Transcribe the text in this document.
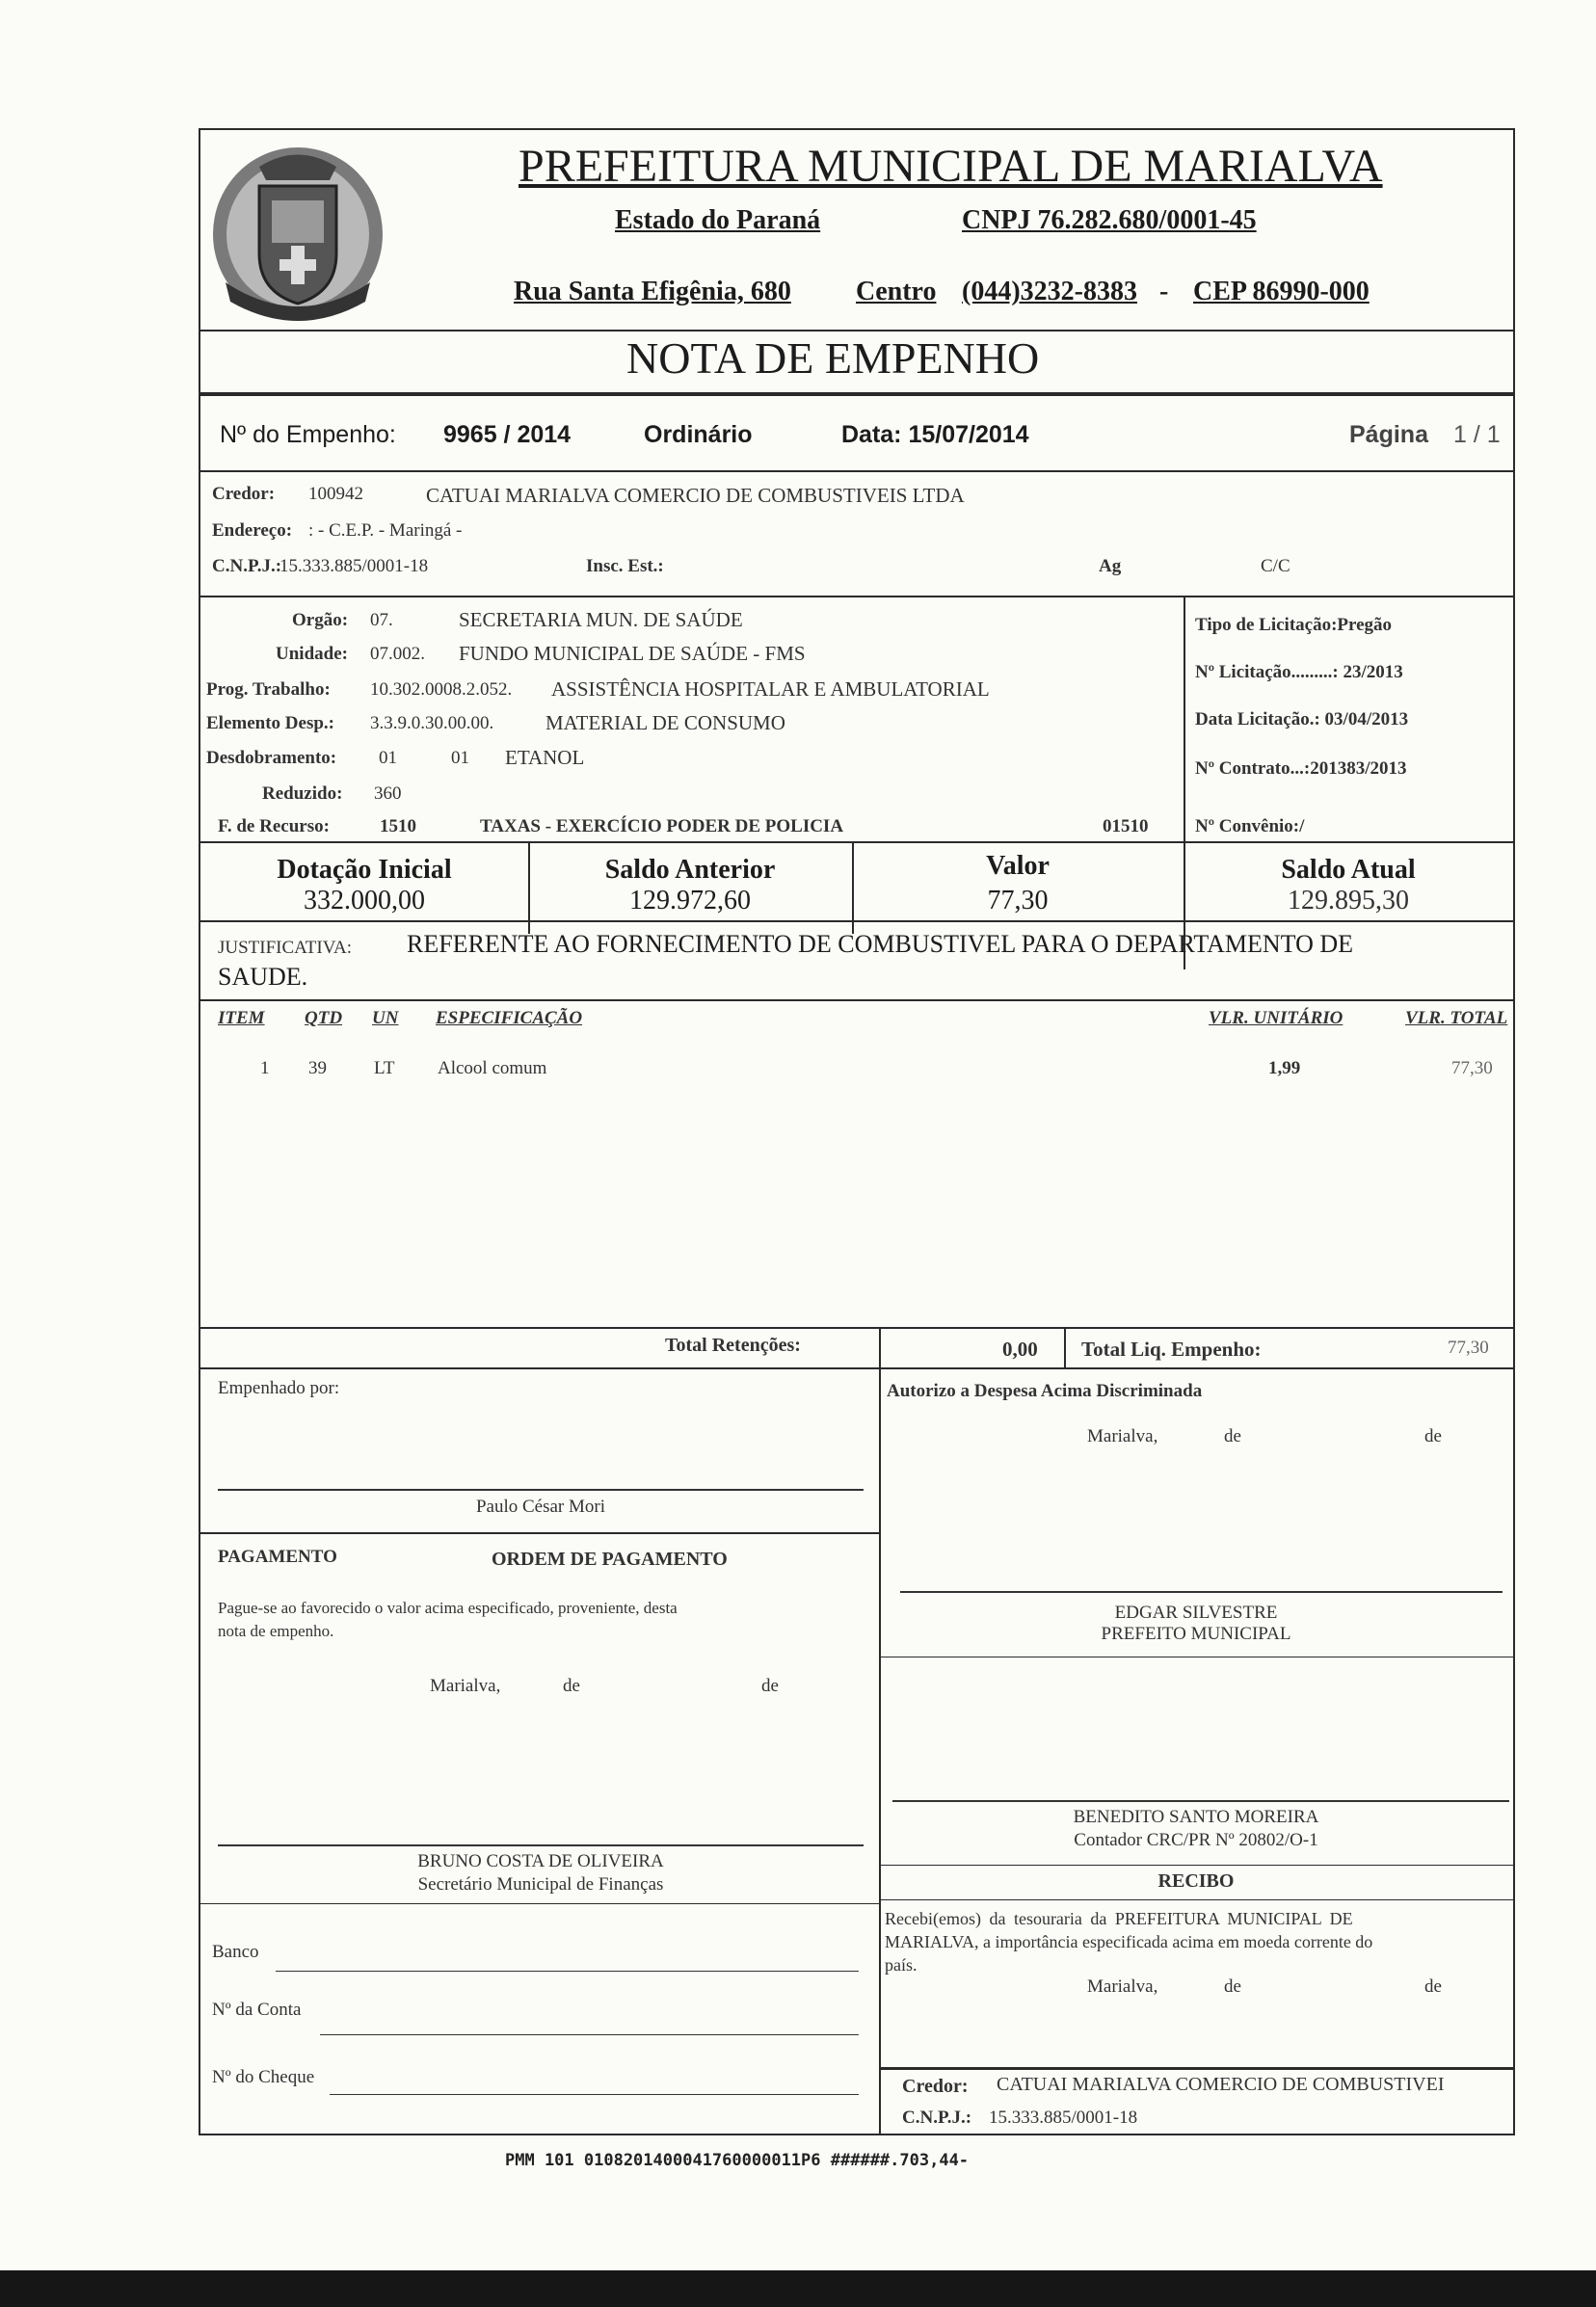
PREFEITURA MUNICIPAL DE MARIALVA
Estado do Paraná	CNPJ 76.282.680/0001-45
Rua Santa Efigênia, 680 Centro (044)3232-8383 - CEP 86990-000
NOTA DE EMPENHO
Nº do Empenho: 9965 / 2014	Ordinário	Data: 15/07/2014	Página 1 / 1
Credor: 100942	CATUAI MARIALVA COMERCIO DE COMBUSTIVEIS LTDA
Endereço: : - C.E.P. - Maringá -
C.N.P.J.:
15.333.885/0001-18	Insc. Est.:	Ag	C/C
Orgão: 07.	SECRETARIA MUN. DE SAÚDE
Unidade: 07.002. FUNDO MUNICIPAL DE SAÚDE - FMS
Prog. Trabalho: 10.302.0008.2.052. ASSISTÊNCIA HOSPITALAR E AMBULATORIAL
Elemento Desp.: 3.3.9.0.30.00.00.	MATERIAL DE CONSUMO
Desdobramento: 01	01 ETANOL
Reduzido: 360
F. de Recurso:	1510	TAXAS - EXERCÍCIO PODER DE POLICIA	01510
Tipo de Licitação:Pregão
Nº Licitação.........: 23/2013
Data Licitação.: 03/04/2013
Nº Contrato...:201383/2013
Nº Convênio:/
Dotação Inicial
332.000,00
Saldo Anterior
129.972,60
Valor
77,30
Saldo Atual
129.895,30
JUSTIFICATIVA: REFERENTE AO FORNECIMENTO DE COMBUSTIVEL PARA O DEPARTAMENTO DE
SAUDE.
ITEM QTD UN ESPECIFICAÇÃO	VLR. UNITÁRIO	VLR. TOTAL
1 39	LT Alcool comum	1,99	77,30
Total Retenções:	0,00 Total Liq. Empenho:	77,30
Empenhado por:
Paulo César Mori
Autorizo a Despesa Acima Discriminada
Marialva,	de	de
EDGAR SILVESTRE
PREFEITO MUNICIPAL
PAGAMENTO	ORDEM DE PAGAMENTO
Pague-se ao favorecido o valor acima especificado, proveniente, desta
nota de empenho.
Marialva,	de	de
BENEDITO SANTO MOREIRA
Contador CRC/PR Nº 20802/O-1
BRUNO COSTA DE OLIVEIRA
Secretário Municipal de Finanças	RECIBO
Recebi(emos) da tesouraria da PREFEITURA MUNICIPAL DE
MARIALVA, a importância especificada acima em moeda corrente do
país.
Marialva,	de	de
Banco
Nº da Conta
Nº do Cheque	Credor: CATUAI MARIALVA COMERCIO DE COMBUSTIVEI
C.N.P.J.: 15.333.885/0001-18
PMM 101 0108201400041760000011P6 ######.703,44-
